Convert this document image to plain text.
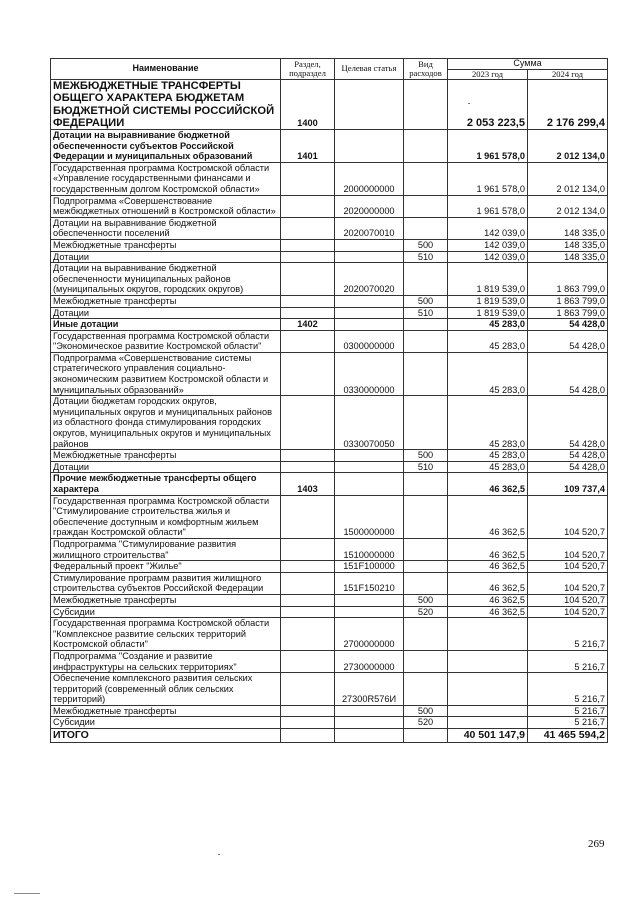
Наименование	Раздел, подраздел	Целевая статья	Вид расходов	Сумма	
				2023 год	2024 год
МЕЖБЮДЖЕТНЫЕ ТРАНСФЕРТЫ ОБЩЕГО ХАРАКТЕРА БЮДЖЕТАМ БЮДЖЕТНОЙ СИСТЕМЫ РОССИЙСКОЙ ФЕДЕРАЦИИ	1400			2 053 223,5	2 176 299,4
Дотации на выравнивание бюджетной обеспеченности субъектов Российской Федерации и муниципальных образований	1401			1 961 578,0	2 012 134,0
Государственная программа Костромской области «Управление государственными финансами и государственным долгом Костромской области»		2000000000		1 961 578,0	2 012 134,0
Подпрограмма «Совершенствование межбюджетных отношений в Костромской области»		2020000000		1 961 578,0	2 012 134,0
Дотации на выравнивание бюджетной обеспеченности поселений		2020070010		142 039,0	148 335,0
Межбюджетные трансферты			500	142 039,0	148 335,0
Дотации			510	142 039,0	148 335,0
Дотации на выравнивание бюджетной обеспеченности муниципальных районов (муниципальных округов, городских округов)		2020070020		1 819 539,0	1 863 799,0
Межбюджетные трансферты			500	1 819 539,0	1 863 799,0
Дотации			510	1 819 539,0	1 863 799,0
Иные дотации	1402			45 283,0	54 428,0
Государственная программа Костромской области "Экономическое развитие Костромской области"		0300000000		45 283,0	54 428,0
Подпрограмма «Совершенствование системы стратегического управления социально-экономическим развитием Костромской области и муниципальных образований»		0330000000		45 283,0	54 428,0
Дотации бюджетам городских округов, муниципальных округов и муниципальных районов из областного фонда стимулирования городских округов, муниципальных округов и муниципальных районов		0330070050		45 283,0	54 428,0
Межбюджетные трансферты			500	45 283,0	54 428,0
Дотации			510	45 283,0	54 428,0
Прочие межбюджетные трансферты общего характера	1403			46 362,5	109 737,4
Государственная программа Костромской области "Стимулирование строительства жилья и обеспечение доступным и комфортным жильем граждан Костромской области"		1500000000		46 362,5	104 520,7
Подпрограмма "Стимулирование развития жилищного строительства"		1510000000		46 362,5	104 520,7
Федеральный проект "Жилье"		151F100000		46 362,5	104 520,7
Стимулирование программ развития жилищного строительства субъектов Российской Федерации		151F150210		46 362,5	104 520,7
Межбюджетные трансферты			500	46 362,5	104 520,7
Субсидии			520	46 362,5	104 520,7
Государственная программа Костромской области "Комплексное развитие сельских территорий Костромской области"		2700000000			5 216,7
Подпрограмма "Создание и развитие инфраструктуры на сельских территориях"		2730000000			5 216,7
Обеспечение комплексного развития сельских территорий (современный облик сельских территорий)		27300R576И			5 216,7
Межбюджетные трансферты			500		5 216,7
Субсидии			520		5 216,7
ИТОГО				40 501 147,9	41 465 594,2
269
